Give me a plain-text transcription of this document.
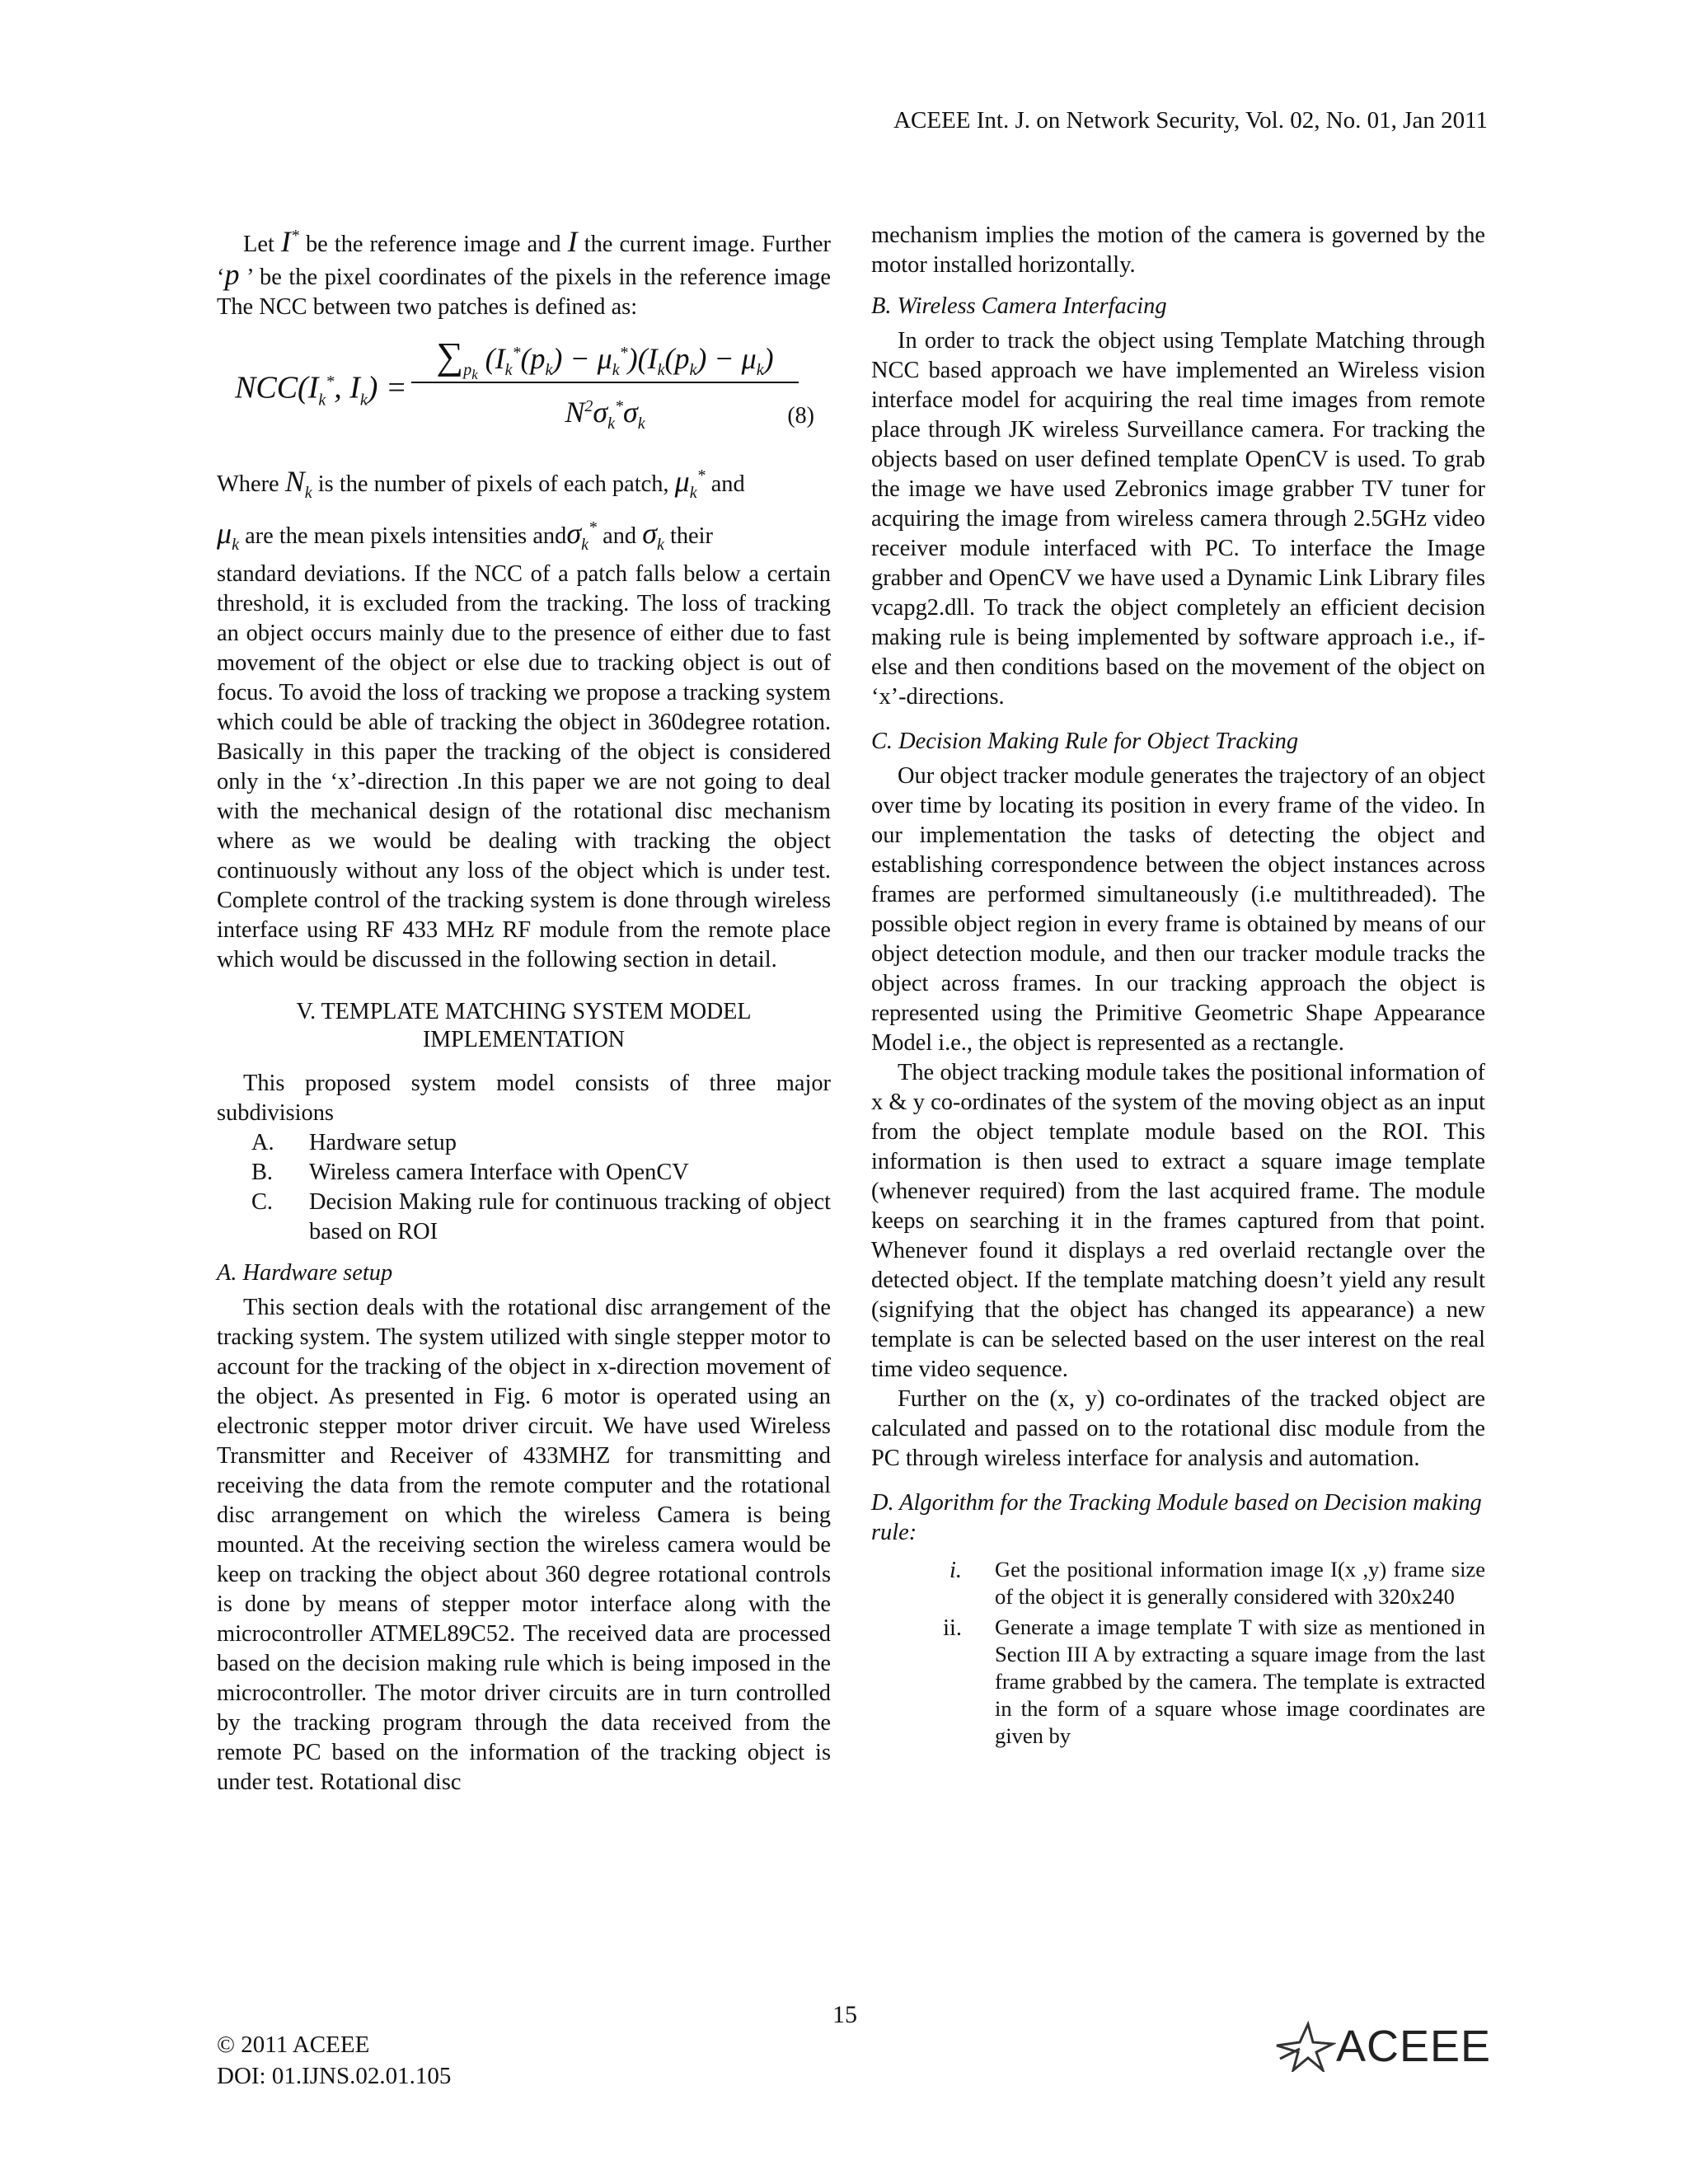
ACEEE Int. J. on Network Security, Vol. 02, No. 01, Jan 2011

Let I* be the reference image and I the current image. Further ‘p ’ be the pixel coordinates of the pixels in the reference image The NCC between two patches is defined as:

$NCC(I_k^*$, $I_k$) =
$\sum_{p_k}$ $(I_k^*(p_k) - \mu_k^*)(I_k(p_k) - \mu_k)$
$N^2\sigma_k^*\sigma_k$	(8)

Where $N_k$ is the number of pixels of each patch, $\mu_k^*$ and

$\mu_k$ are the mean pixels intensities andσ$_k$* and $\sigma_k$ their

standard deviations. If the NCC of a patch falls below a certain threshold, it is excluded from the tracking. The loss of tracking an object occurs mainly due to the presence of either due to fast movement of the object or else due to tracking object is out of focus. To avoid the loss of tracking we propose a tracking system which could be able of tracking the object in 360degree rotation. Basically in this paper the tracking of the object is considered only in the ‘x’-direction .In this paper we are not going to deal with the mechanical design of the rotational disc mechanism where as we would be dealing with tracking the object continuously without any loss of the object which is under test. Complete control of the tracking system is done through wireless interface using RF 433 MHz RF module from the remote place which would be discussed in the following section in detail.

V. TEMPLATE MATCHING SYSTEM MODEL
IMPLEMENTATION

This proposed system model consists of three major subdivisions

A.	Hardware setup
B.	Wireless camera Interface with OpenCV
C.	Decision Making rule for continuous tracking of object based on ROI
A. Hardware setup

This section deals with the rotational disc arrangement of the tracking system. The system utilized with single stepper motor to account for the tracking of the object in x-direction movement of the object. As presented in Fig. 6 motor is operated using an electronic stepper motor driver circuit. We have used Wireless Transmitter and Receiver of 433MHZ for transmitting and receiving the data from the remote computer and the rotational disc arrangement on which the wireless Camera is being mounted. At the receiving section the wireless camera would be keep on tracking the object about 360 degree rotational controls is done by means of stepper motor interface along with the microcontroller ATMEL89C52. The received data are processed based on the decision making rule which is being imposed in the microcontroller. The motor driver circuits are in turn controlled by the tracking program through the data received from the remote PC based on the information of the tracking object is under test. Rotational disc

mechanism implies the motion of the camera is governed by the motor installed horizontally.

B. Wireless Camera Interfacing

In order to track the object using Template Matching through NCC based approach we have implemented an Wireless vision interface model for acquiring the real time images from remote place through JK wireless Surveillance camera. For tracking the objects based on user defined template OpenCV is used. To grab the image we have used Zebronics image grabber TV tuner for acquiring the image from wireless camera through 2.5GHz video receiver module interfaced with PC. To interface the Image grabber and OpenCV we have used a Dynamic Link Library files vcapg2.dll. To track the object completely an efficient decision making rule is being implemented by software approach i.e., if-else and then conditions based on the movement of the object on ‘x’-directions.

C. Decision Making Rule for Object Tracking

Our object tracker module generates the trajectory of an object over time by locating its position in every frame of the video. In our implementation the tasks of detecting the object and establishing correspondence between the object instances across frames are performed simultaneously (i.e multithreaded). The possible object region in every frame is obtained by means of our object detection module, and then our tracker module tracks the object across frames. In our tracking approach the object is represented using the Primitive Geometric Shape Appearance Model i.e., the object is represented as a rectangle.

The object tracking module takes the positional information of x & y co-ordinates of the system of the moving object as an input from the object template module based on the ROI. This information is then used to extract a square image template (whenever required) from the last acquired frame. The module keeps on searching it in the frames captured from that point. Whenever found it displays a red overlaid rectangle over the detected object. If the template matching doesn’t yield any result (signifying that the object has changed its appearance) a new template is can be selected based on the user interest on the real time video sequence.

Further on the (x, y) co-ordinates of the tracked object are calculated and passed on to the rotational disc module from the PC through wireless interface for analysis and automation.

D. Algorithm for the Tracking Module based on Decision making rule:
i.	Get the positional information image I(x ,y) frame size of the object it is generally considered with 320x240
ii.	Generate a image template T with size as mentioned in Section III A by extracting a square image from the last frame grabbed by the camera. The template is extracted in the form of a square whose image coordinates are given by
15
© 2011 ACEEE
DOI: 01.IJNS.02.01.105
ACEEE
